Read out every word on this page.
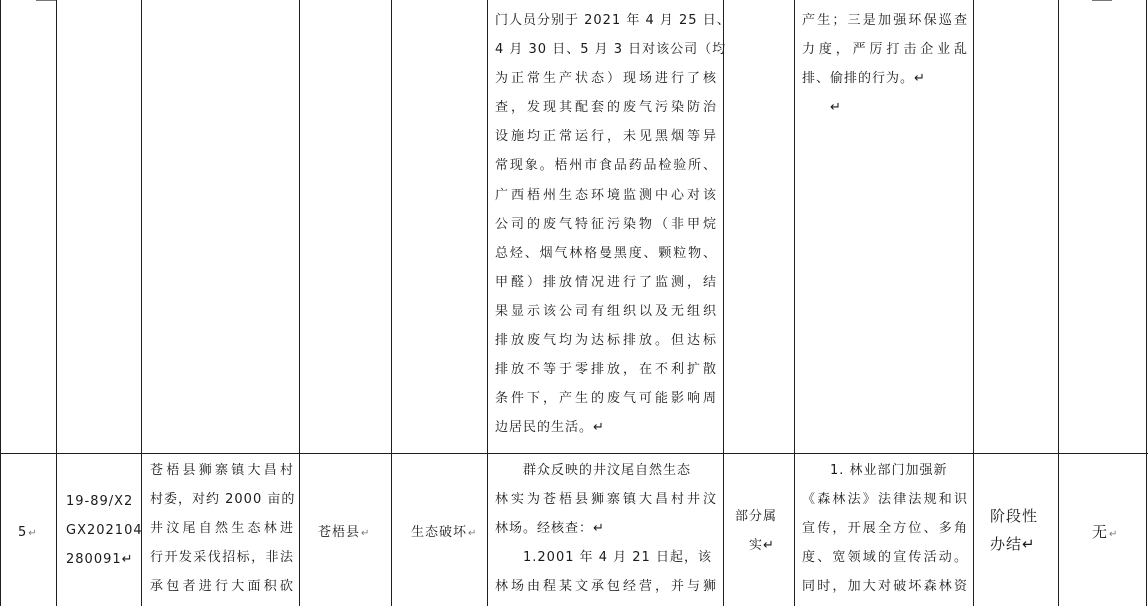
门人员分别于 2021 年 4 月 25 日、
4 月 30 日、5 月 3 日对该公司（均
为正常生产状态）现场进行了核
查，发现其配套的废气污染防治
设施均正常运行，未见黑烟等异
常现象。梧州市食品药品检验所、
广西梧州生态环境监测中心对该
公司的废气特征污染物（非甲烷
总烃、烟气林格曼黑度、颗粒物、
甲醛）排放情况进行了监测，结
果显示该公司有组织以及无组织
排放废气均为达标排放。但达标
排放不等于零排放，在不利扩散
条件下，产生的废气可能影响周
边居民的生活。↵
产生；三是加强环保巡查
力度，严厉打击企业乱
排、偷排的行为。↵
↵
5↵
19-89/X2
GX202104
280091↵
苍梧县狮寨镇大昌村
村委，对约 2000 亩的
井汶尾自然生态林进
行开发采伐招标，非法
承包者进行大面积砍
苍梧县↵	生态破坏↵
群众反映的井汶尾自然生态
林实为苍梧县狮寨镇大昌村井汶
林场。经核查：↵
1.2001 年 4 月 21 日起，该
林场由程某文承包经营，并与狮
部分属
实↵
1. 林业部门加强新
《森林法》法律法规和识
宣传，开展全方位、多角
度、宽领域的宣传活动。
同时，加大对破坏森林资
阶段性
办结↵
无↵
